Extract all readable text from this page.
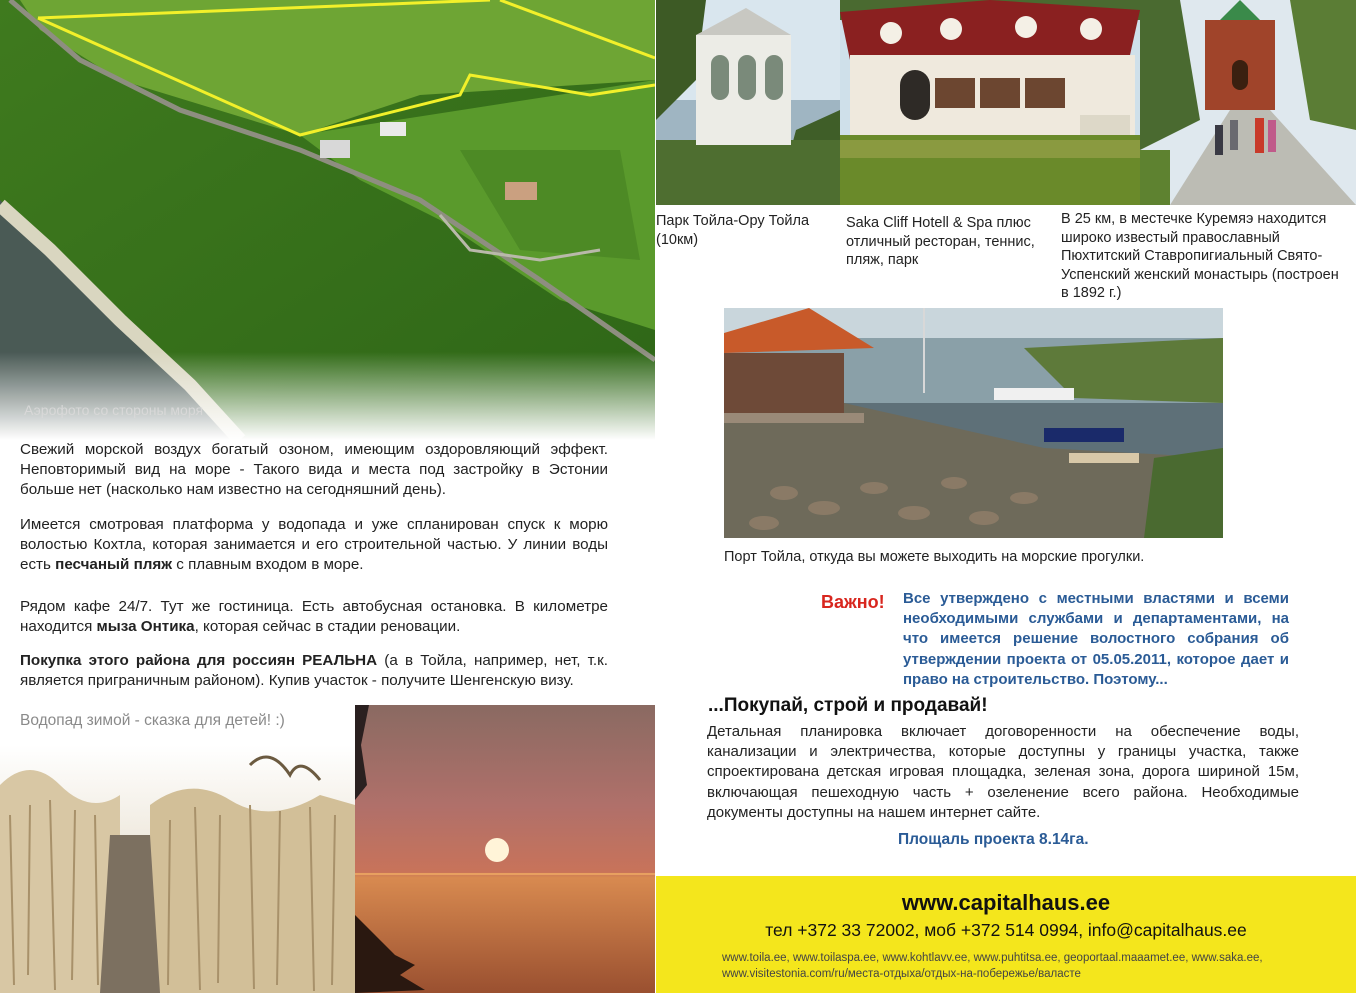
Аэрофото со стороны моря

Свежий морской воздух богатый озоном, имеющим оздоровляющий эффект. Неповторимый вид на море - Такого вида и места под застройку в Эстонии больше нет (насколько нам известно на сегодняшний день).

Имеется смотровая платформа у водопада и уже спланирован спуск к морю волостью Кохтла, которая занимается и его строительной частью. У линии воды есть песчаный пляж с плавным входом в море.

Рядом кафе 24/7. Тут же гостиница. Есть автобусная остановка. В километре находится мыза Онтика, которая сейчас в стадии реновации.

Покупка этого района для россиян РЕАЛЬНА (а в Тойла, например, нет, т.к. является приграничным районом). Купив участок - получите Шенгенскую визу.

Водопад зимой - сказка для детей! :)

Парк Тойла-Ору Тойла (10км)

Saka Cliff Hotell & Spa плюс отличный ресторан, теннис, пляж, парк

В 25 км, в местечке Куремяэ находится широко известый православный Пюхтитский Ставропигиальный Свято-Успенский женский монастырь (построен в 1892 г.)

Порт Тойла, откуда вы можете выходить на морские прогулки.
Важно! Все утверждено с местными властями и всеми необходимыми службами и департаментами, на что имеется решение волостного собрания об утверждении проекта от 05.05.2011, которое дает и право на строительство. Поэтому...

...Покупай, строй и продавай!

Детальная планировка включает договоренности на обеспечение воды, канализации и электричества, которые доступны у границы участка, также спроектирована детская игровая площадка, зеленая зона, дорога шириной 15м, включающая пешеходную часть + озеленение всего района. Необходимые документы доступны на нашем интернет сайте.

Площаль проекта 8.14га.
www.capitalhaus.ee
тел +372 33 72002, моб +372 514 0994, info@capitalhaus.ee

www.toila.ee, www.toilaspa.ee, www.kohtlavv.ee, www.puhtitsa.ee, geoportaal.maaamet.ee, www.saka.ee, www.visitestonia.com/ru/места-отдыха/отдых-на-побережье/валасте
